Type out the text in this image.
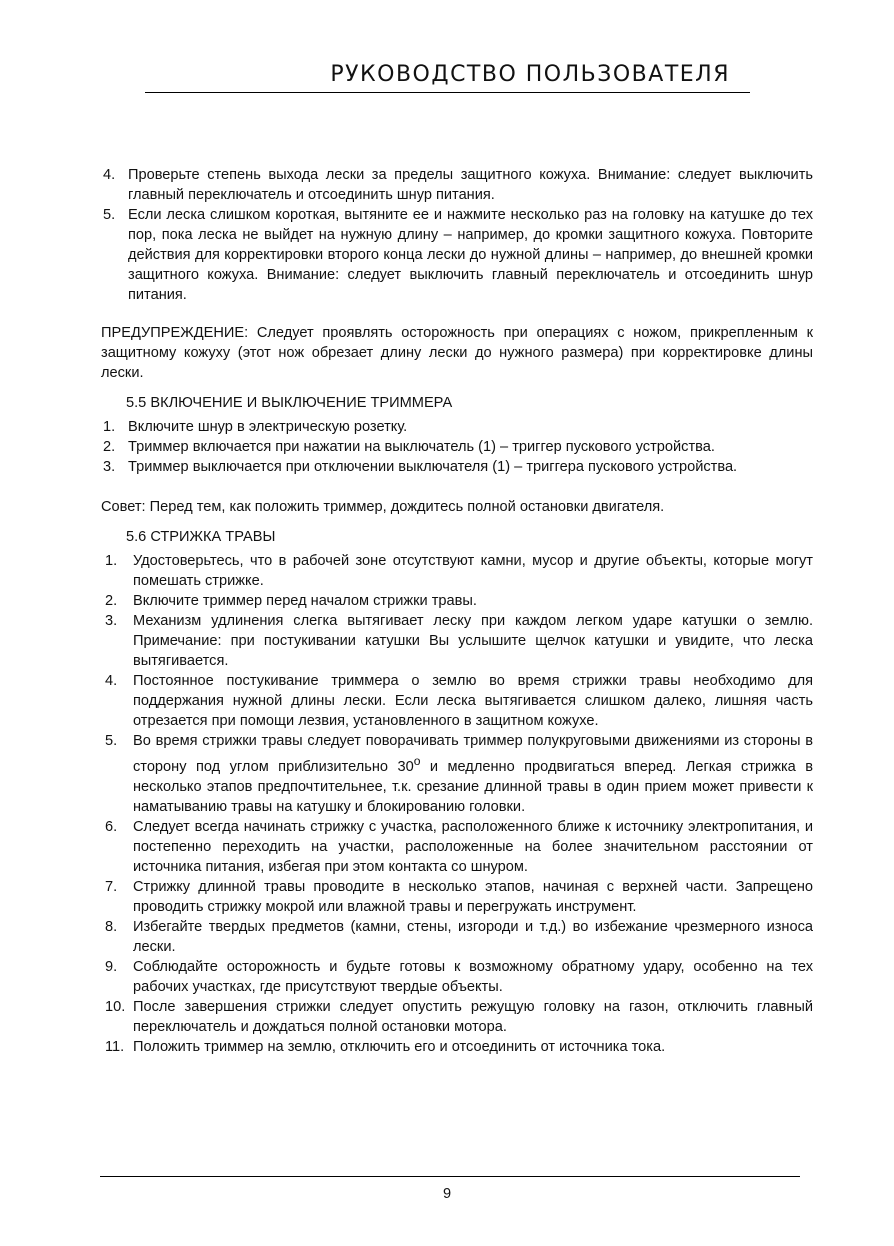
РУКОВОДСТВО ПОЛЬЗОВАТЕЛЯ
4. Проверьте степень выхода лески за пределы защитного кожуха. Внимание: следует выключить главный переключатель и отсоединить шнур питания.
5. Если леска слишком короткая, вытяните ее и нажмите несколько раз на головку на катушке до тех пор, пока леска не выйдет на нужную длину – например, до кромки защитного кожуха. Повторите действия для корректировки второго конца лески до нужной длины – например, до внешней кромки защитного кожуха. Внимание: следует выключить главный переключатель и отсоединить шнур питания.
ПРЕДУПРЕЖДЕНИЕ: Следует проявлять осторожность при операциях с ножом, прикрепленным к защитному кожуху (этот нож обрезает длину лески до нужного размера) при корректировке длины лески.
5.5 ВКЛЮЧЕНИЕ И ВЫКЛЮЧЕНИЕ ТРИММЕРА
1. Включите шнур в электрическую розетку.
2. Триммер включается при нажатии на выключатель (1) – триггер пускового устройства.
3. Триммер выключается при отключении выключателя (1) – триггера пускового устройства.
Совет: Перед тем, как положить триммер, дождитесь полной остановки двигателя.
5.6 СТРИЖКА ТРАВЫ
1. Удостоверьтесь, что в рабочей зоне отсутствуют камни, мусор и другие объекты, которые могут помешать стрижке.
2. Включите триммер перед началом стрижки травы.
3. Механизм удлинения слегка вытягивает леску при каждом легком ударе катушки о землю. Примечание: при постукивании катушки Вы услышите щелчок катушки и увидите, что леска вытягивается.
4. Постоянное постукивание триммера о землю во время стрижки травы необходимо для поддержания нужной длины лески. Если леска вытягивается слишком далеко, лишняя часть отрезается при помощи лезвия, установленного в защитном кожухе.
5. Во время стрижки травы следует поворачивать триммер полукруговыми движениями из стороны в сторону под углом приблизительно 30$^o$ и медленно продвигаться вперед. Легкая стрижка в несколько этапов предпочтительнее, т.к. срезание длинной травы в один прием может привести к наматыванию травы на катушку и блокированию головки.
6. Следует всегда начинать стрижку с участка, расположенного ближе к источнику электропитания, и постепенно переходить на участки, расположенные на более значительном расстоянии от источника питания, избегая при этом контакта со шнуром.
7. Стрижку длинной травы проводите в несколько этапов, начиная с верхней части. Запрещено проводить стрижку мокрой или влажной травы и перегружать инструмент.
8. Избегайте твердых предметов (камни, стены, изгороди и т.д.) во избежание чрезмерного износа лески.
9. Соблюдайте осторожность и будьте готовы к возможному обратному удару, особенно на тех рабочих участках, где присутствуют твердые объекты.
10. После завершения стрижки следует опустить режущую головку на газон, отключить главный переключатель и дождаться полной остановки мотора.
11. Положить триммер на землю, отключить его и отсоединить от источника тока.
9
